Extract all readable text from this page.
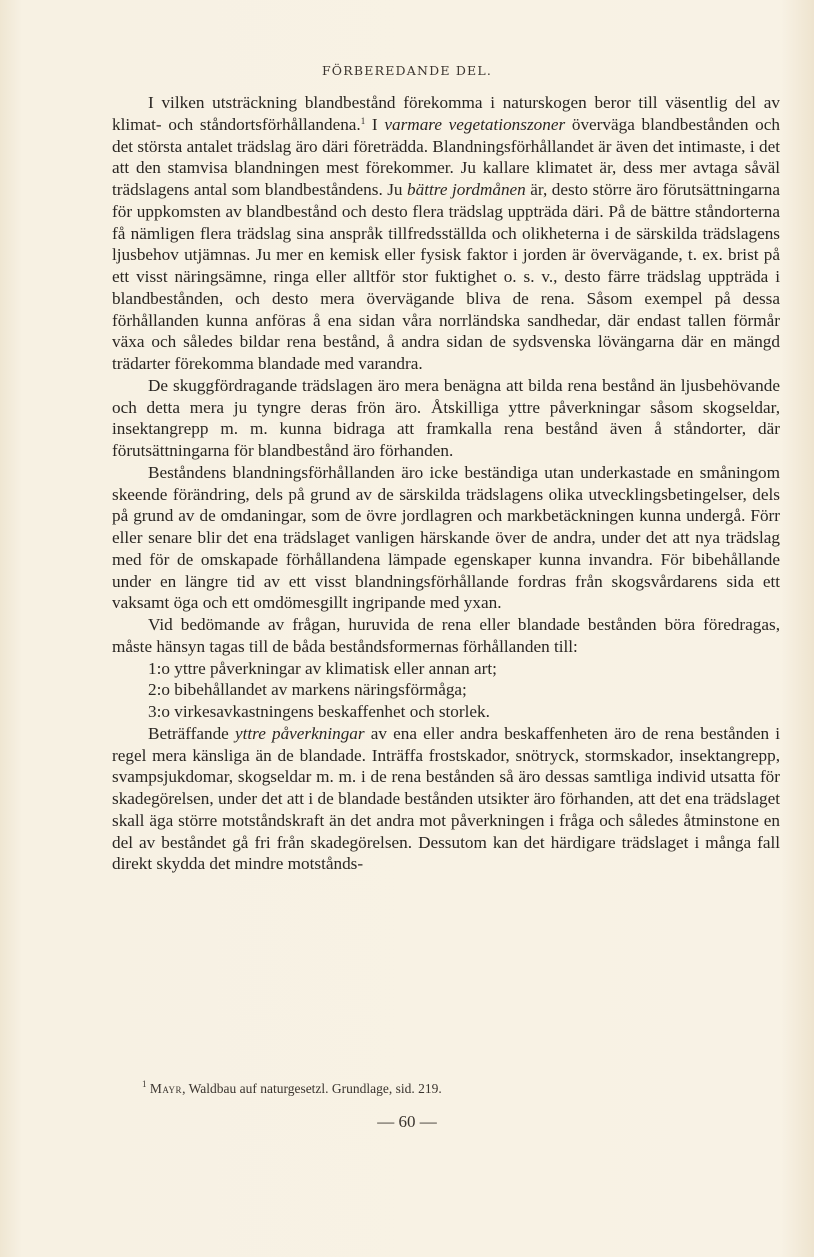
FÖRBEREDANDE DEL.

I vilken utsträckning blandbestånd förekomma i naturskogen beror till väsentlig del av klimat- och ståndortsförhållandena.$^1$ I varmare vegetationszoner överväga blandbestånden och det största antalet trädslag äro däri företrädda. Blandningsförhållandet är även det intimaste, i det att den stamvisa blandningen mest förekommer. Ju kallare klimatet är, dess mer avtaga såväl trädslagens antal som blandbeståndens. Ju bättre jordmånen är, desto större äro förutsättningarna för uppkomsten av blandbestånd och desto flera trädslag uppträda däri. På de bättre ståndorterna få nämligen flera trädslag sina anspråk tillfredsställda och olikheterna i de särskilda trädslagens ljusbehov utjämnas. Ju mer en kemisk eller fysisk faktor i jorden är övervägande, t. ex. brist på ett visst näringsämne, ringa eller alltför stor fuktighet o. s. v., desto färre trädslag uppträda i blandbestånden, och desto mera övervägande bliva de rena. Såsom exempel på dessa förhållanden kunna anföras å ena sidan våra norrländska sandhedar, där endast tallen förmår växa och således bildar rena bestånd, å andra sidan de sydsvenska lövängarna där en mängd trädarter förekomma blandade med varandra.

De skuggfördragande trädslagen äro mera benägna att bilda rena bestånd än ljusbehövande och detta mera ju tyngre deras frön äro. Åtskilliga yttre påverkningar såsom skogseldar, insektangrepp m. m. kunna bidraga att framkalla rena bestånd även å ståndorter, där förutsättningarna för blandbestånd äro förhanden.

Beståndens blandningsförhållanden äro icke beständiga utan underkastade en småningom skeende förändring, dels på grund av de särskilda trädslagens olika utvecklingsbetingelser, dels på grund av de omdaningar, som de övre jordlagren och markbetäckningen kunna undergå. Förr eller senare blir det ena trädslaget vanligen härskande över de andra, under det att nya trädslag med för de omskapade förhållandena lämpade egenskaper kunna invandra. För bibehållande under en längre tid av ett visst blandningsförhållande fordras från skogsvårdarens sida ett vaksamt öga och ett omdömesgillt ingripande med yxan.

Vid bedömande av frågan, huruvida de rena eller blandade bestånden böra föredragas, måste hänsyn tagas till de båda beståndsformernas förhållanden till:

1:o yttre påverkningar av klimatisk eller annan art;

2:o bibehållandet av markens näringsförmåga;

3:o virkesavkastningens beskaffenhet och storlek.

Beträffande yttre påverkningar av ena eller andra beskaffenheten äro de rena bestånden i regel mera känsliga än de blandade. Inträffa frostskador, snötryck, stormskador, insektangrepp, svampsjukdomar, skogseldar m. m. i de rena bestånden så äro dessas samtliga individ utsatta för skadegörelsen, under det att i de blandade bestånden utsikter äro förhanden, att det ena trädslaget skall äga större motståndskraft än det andra mot påverkningen i fråga och således åtminstone en del av beståndet gå fri från skadegörelsen. Dessutom kan det härdigare trädslaget i många fall direkt skydda det mindre motstånds-

$^1$ Mayr, Waldbau auf naturgesetzl. Grundlage, sid. 219.
— 60 —
